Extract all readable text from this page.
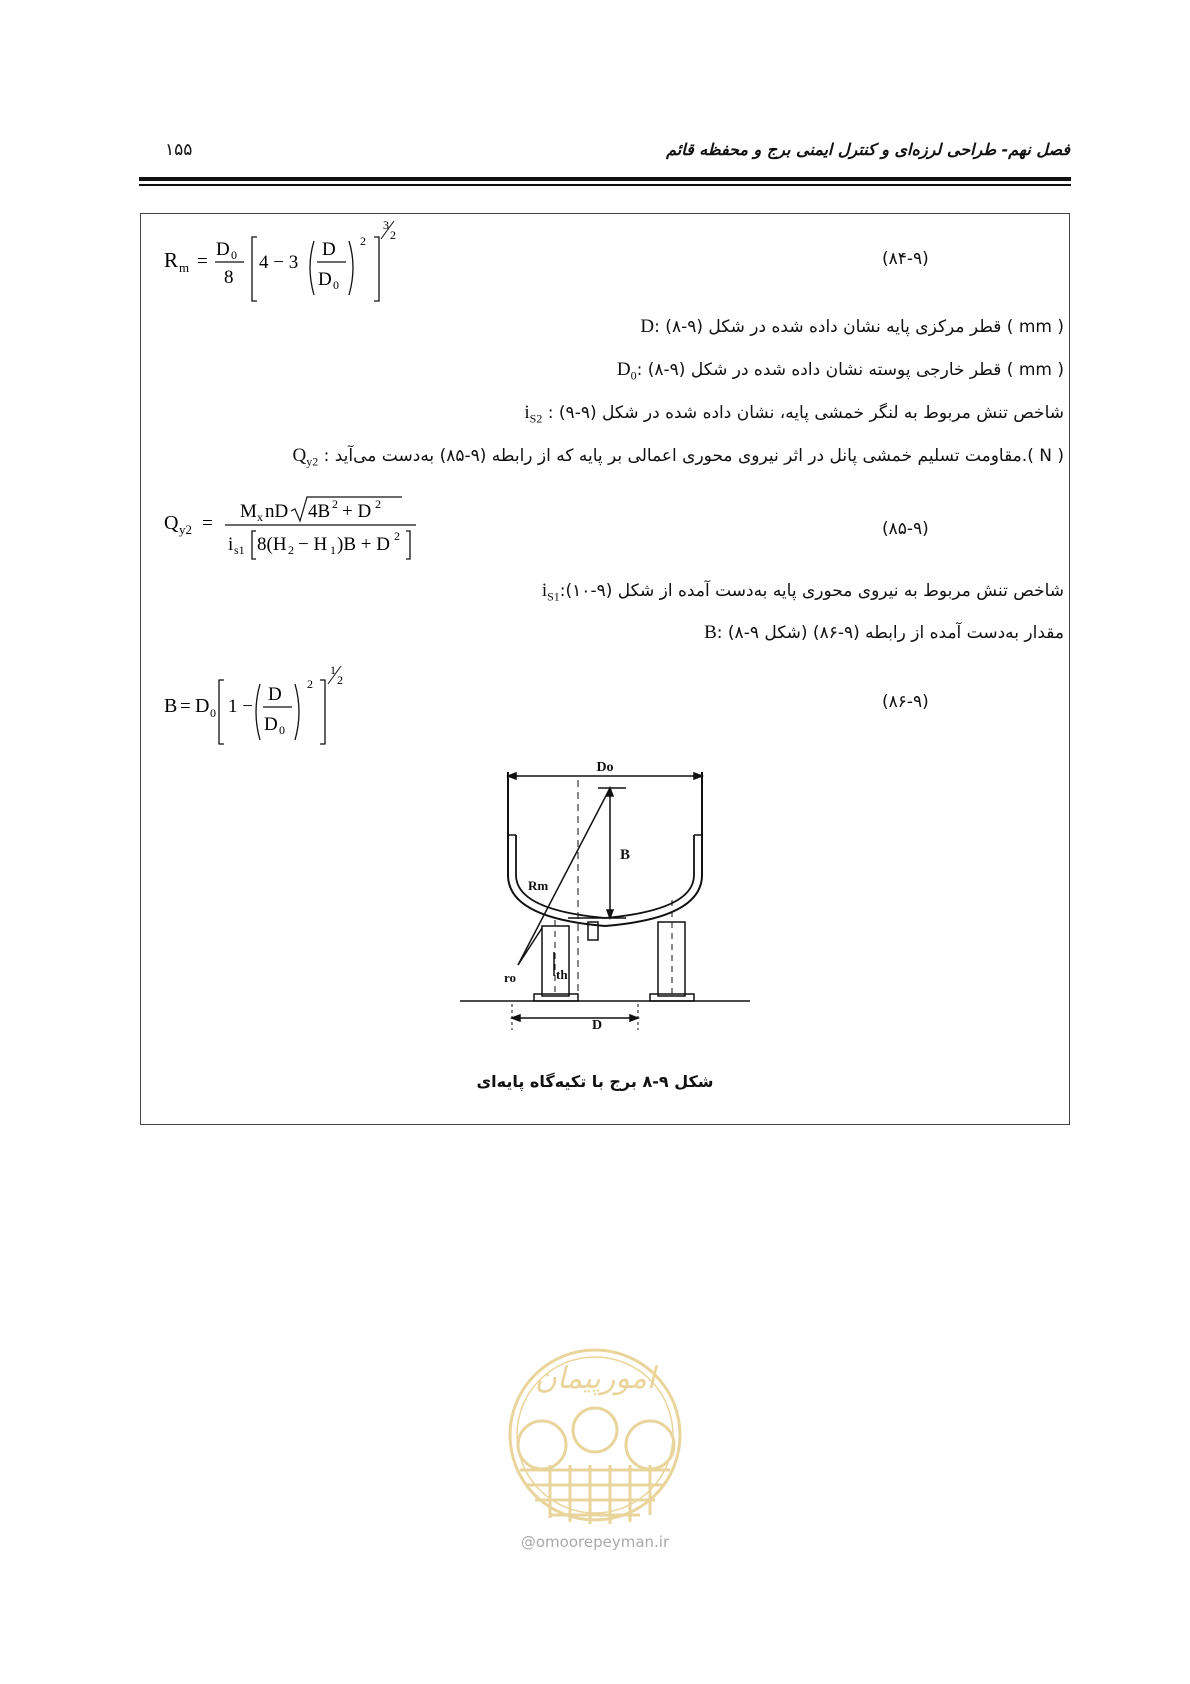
۱۵۵	فصل نهم- طراحی لرزه‌ای و کنترل ایمنی برج و محفظه قائم
R m =
D 0
8
4 − 3
D
D 0
2
3
2
(۸۴-۹)
D: قطر مرکزی پایه نشان داده شده در شکل (۹-۸) ( mm )
$D_0$: قطر خارجی پوسته نشان داده شده در شکل (۹-۸) ( mm )
$i_{S2}$ : شاخص تنش مربوط به لنگر خمشی پایه، نشان داده شده در شکل (۹-۹)
$Q_{y2}$ : مقاومت تسلیم خمشی پانل در اثر نیروی محوری اعمالی بر پایه که از رابطه (۹-۸۵) به‌دست می‌آید.( N )
Q y2 =
M x nD 4B 2 + D 2
i s1 8(H 2 − H 1 )B + D 2	(۸۵-۹)
$i_{S1}:شاخص$ تنش مربوط به نیروی محوری پایه به‌دست آمده از شکل (۹-۱۰)
B: مقدار به‌دست آمده از رابطه (۹-۸۶) (شکل ۹-۸)
B = D 0 1 −
D
D 0
2
1
2
(۸۶-۹)
Do
B
Rm
th
ro
D
شکل ۹-۸ برج با تکیه‌گاه پایه‌ای
امورپیمان
@omoorepeyman.ir
